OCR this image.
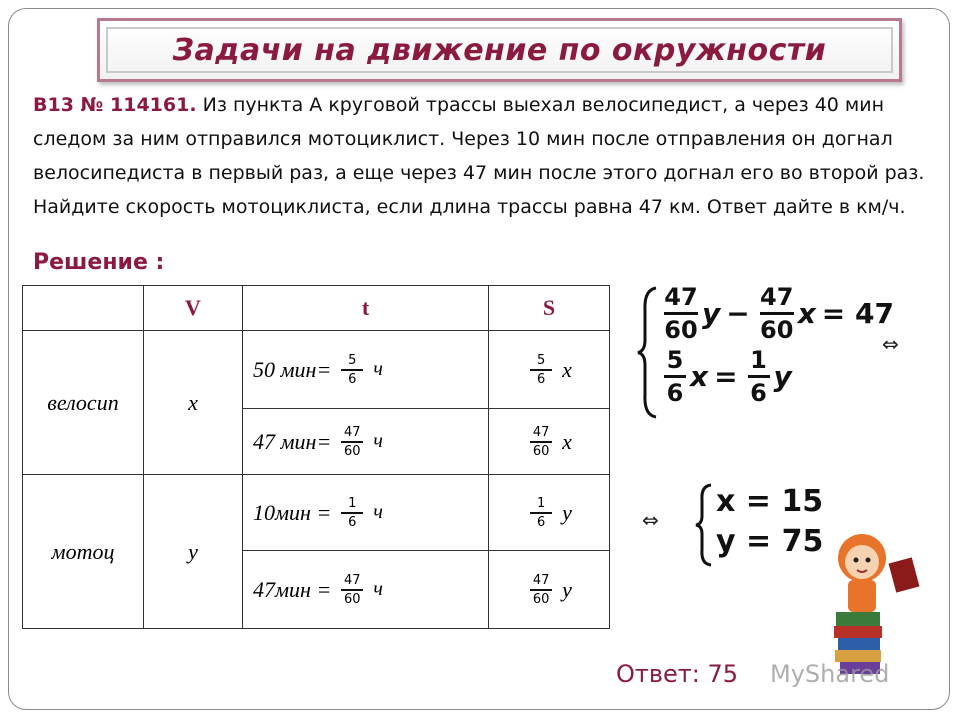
Задачи на движение по окружности
B13 № 114161. Из пункта A круговой трассы выехал велосипедист, а через 40 мин следом за ним отправился мотоциклист. Через 10 мин после отправления он догнал велосипедиста в первый раз, а еще через 47 мин после этого догнал его во второй раз. Найдите скорость мотоциклиста, если длина трассы равна 47 км. Ответ дайте в км/ч.
Решение :
	V	t	S
велосип	x	50 $мин= \frac{5}{6}$ ч	$\frac{5}{6}$ x

		47 $мин= \frac{47}{60}$ ч	$\frac{47}{60}$ x

мотоц	y	$10мин = \frac{1}{6}$ ч	$\frac{1}{6}$ y

		$47мин = \frac{47}{60}$ ч	$\frac{47}{60}$ y
47
60 y − 47
60 x = 47
5
6 x = 1
6 y
⇔
⇔
x = 15
y = 75
Ответ: 75 MyShared
